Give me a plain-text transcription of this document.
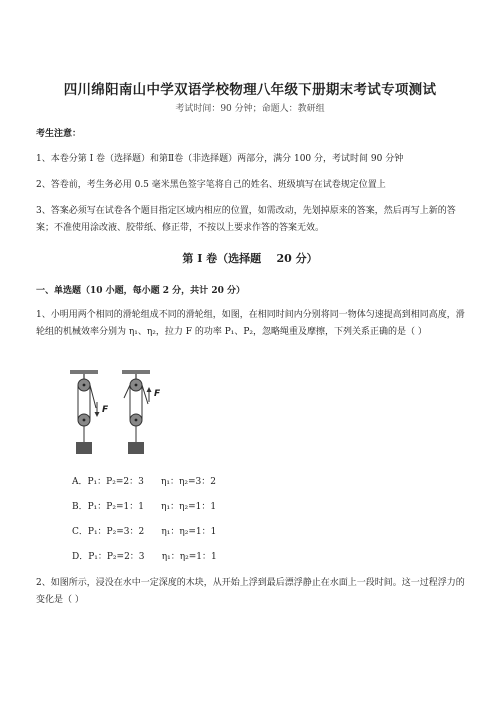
四川绵阳南山中学双语学校物理八年级下册期末考试专项测试
考试时间：90 分钟；命题人：教研组
考生注意：
1、本卷分第 I 卷（选择题）和第Ⅱ卷（非选择题）两部分，满分 100 分，考试时间 90 分钟
2、答卷前，考生务必用 0.5 毫米黑色签字笔将自己的姓名、班级填写在试卷规定位置上
3、答案必须写在试卷各个题目指定区域内相应的位置，如需改动，先划掉原来的答案，然后再写上新的答案；不准使用涂改液、胶带纸、修正带，不按以上要求作答的答案无效。
第 I 卷（选择题    20 分）
一、单选题（10 小题，每小题 2 分，共计 20 分）
1、小明用两个相同的滑轮组成不同的滑轮组，如图，在相同时间内分别将同一物体匀速提高到相同高度，滑轮组的机械效率分别为 η₁、η₂，拉力 F 的功率 P₁、P₂，忽略绳重及摩擦，下列关系正确的是（ ）
F
F
A．P₁：P₂=2：3      η₁：η₂=3：2
B．P₁：P₂=1：1      η₁：η₂=1：1
C．P₁：P₂=3：2      η₁：η₂=1：1
D．P₁：P₂=2：3      η₁：η₂=1：1
2、如图所示，浸没在水中一定深度的木块，从开始上浮到最后漂浮静止在水面上一段时间。这一过程浮力的变化是（ ）
